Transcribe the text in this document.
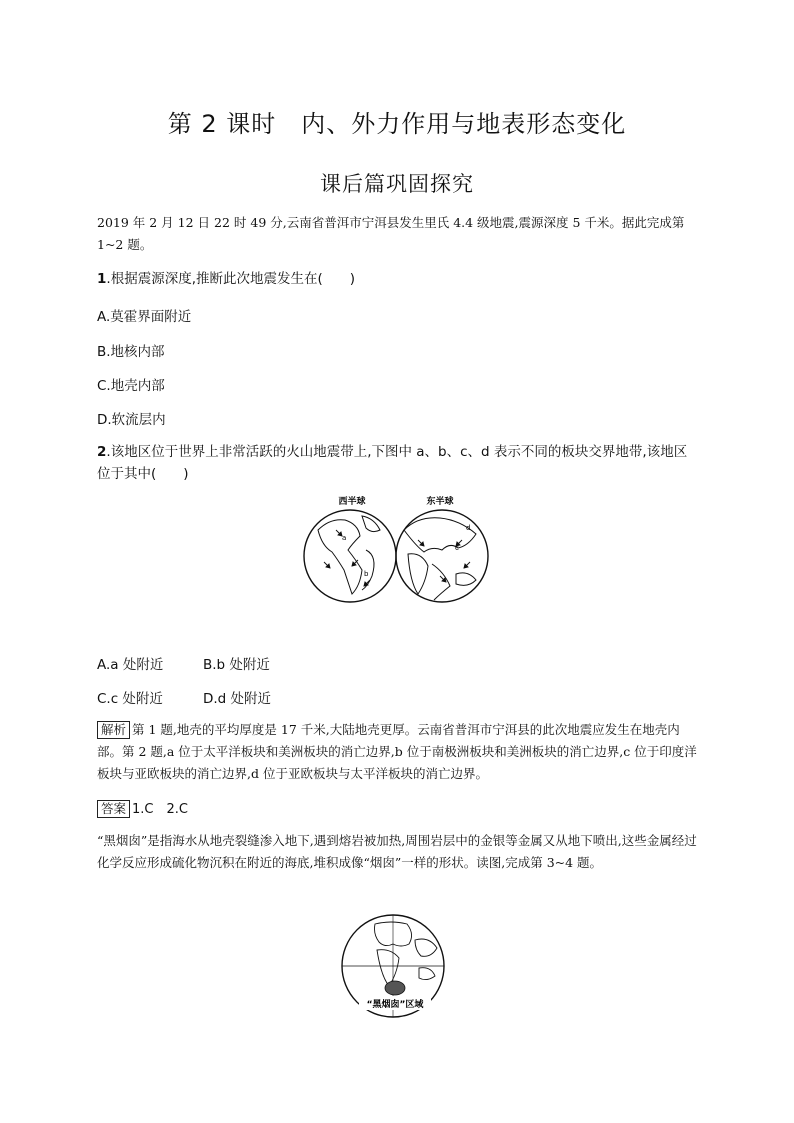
第 2 课时　内、外力作用与地表形态变化
课后篇巩固探究
2019 年 2 月 12 日 22 时 49 分,云南省普洱市宁洱县发生里氏 4.4 级地震,震源深度 5 千米。据此完成第 1~2 题。
1.根据震源深度,推断此次地震发生在(　　)
A.莫霍界面附近
B.地核内部
C.地壳内部
D.软流层内
2.该地区位于世界上非常活跃的火山地震带上,下图中 a、b、c、d 表示不同的板块交界地带,该地区位于其中(　　)
西半球	东半球
a
b
c
d
A.a 处附近	B.b 处附近
C.c 处附近	D.d 处附近
解析 第 1 题,地壳的平均厚度是 17 千米,大陆地壳更厚。云南省普洱市宁洱县的此次地震应发生在地壳内部。第 2 题,a 位于太平洋板块和美洲板块的消亡边界,b 位于南极洲板块和美洲板块的消亡边界,c 位于印度洋板块与亚欧板块的消亡边界,d 位于亚欧板块与太平洋板块的消亡边界。
答案 1.C　2.C
“黑烟囱”是指海水从地壳裂缝渗入地下,遇到熔岩被加热,周围岩层中的金银等金属又从地下喷出,这些金属经过化学反应形成硫化物沉积在附近的海底,堆积成像“烟囱”一样的形状。读图,完成第 3~4 题。
“黑烟囱”区域
